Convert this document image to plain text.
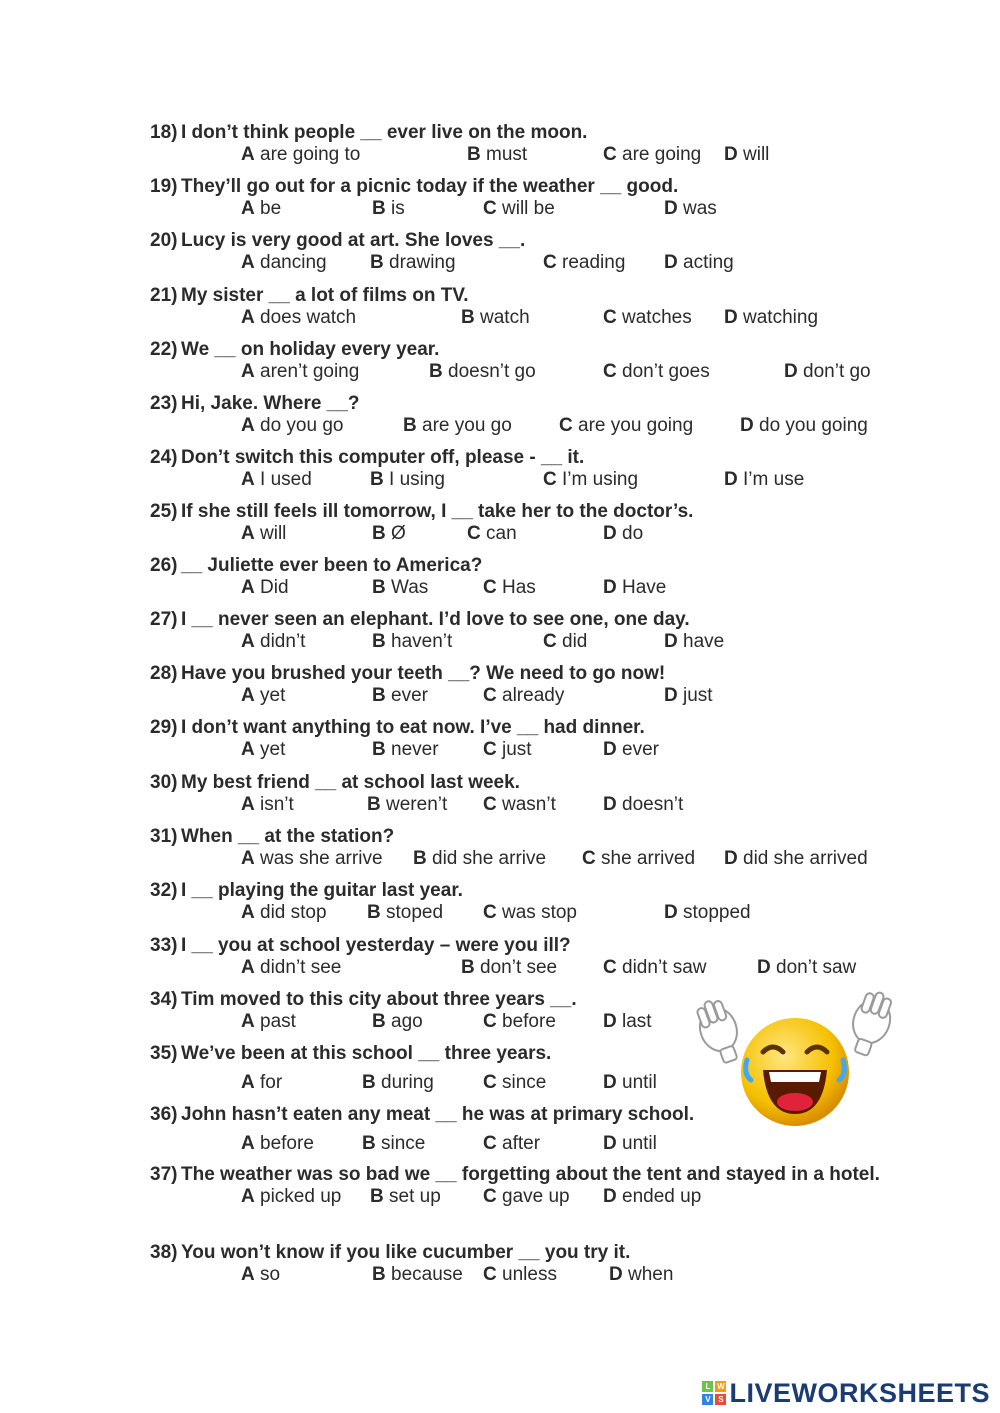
18) I don’t think people __ ever live on the moon.
A are going to	B must	C are going D will
19) They’ll go out for a picnic today if the weather __ good.
A be	B is	C will be	D was
20) Lucy is very good at art. She loves __.
A dancing B drawing	C reading D acting
21) My sister __ a lot of films on TV.
A does watch	B watch	C watches D watching
22) We __ on holiday every year.
A aren’t going	B doesn’t go	C don’t goes	D don’t go
23) Hi, Jake. Where __?
A do you go	B are you go C are you going D do you going
24) Don’t switch this computer off, please - __ it.
A I used	B I using	C I’m using	D I’m use
25) If she still feels ill tomorrow, I __ take her to the doctor’s.
A will	B Ø	C can	D do
26) __ Juliette ever been to America?
A Did	B Was	C Has	D Have
27) I __ never seen an elephant. I’d love to see one, one day.
A didn’t	B haven’t	C did	D have
28) Have you brushed your teeth __? We need to go now!
A yet	B ever	C already	D just
29) I don’t want anything to eat now. I’ve __ had dinner.
A yet	B never C just	D ever
30) My best friend __ at school last week.
A isn’t	B weren’t C wasn’t D doesn’t
31) When __ at the station?
A was she arrive B did she arrive C she arrived D did she arrived
32) I __ playing the guitar last year.
A did stop B stoped C was stop	D stopped
33) I __ you at school yesterday – were you ill?
A didn’t see	B don’t see C didn’t saw	D don’t saw
34) Tim moved to this city about three years __.
A past	B ago	C before D last
35) We’ve been at this school __ three years.
A for	B during	C since	D until
36) John hasn’t eaten any meat __ he was at primary school.
A before	B since	C after	D until
37) The weather was so bad we __ forgetting about the tent and stayed in a hotel.
A picked up B set up C gave up D ended up
38) You won’t know if you like cucumber __ you try it.
A so	B because C unless	D when
L W
V S LIVEWORKSHEETS
